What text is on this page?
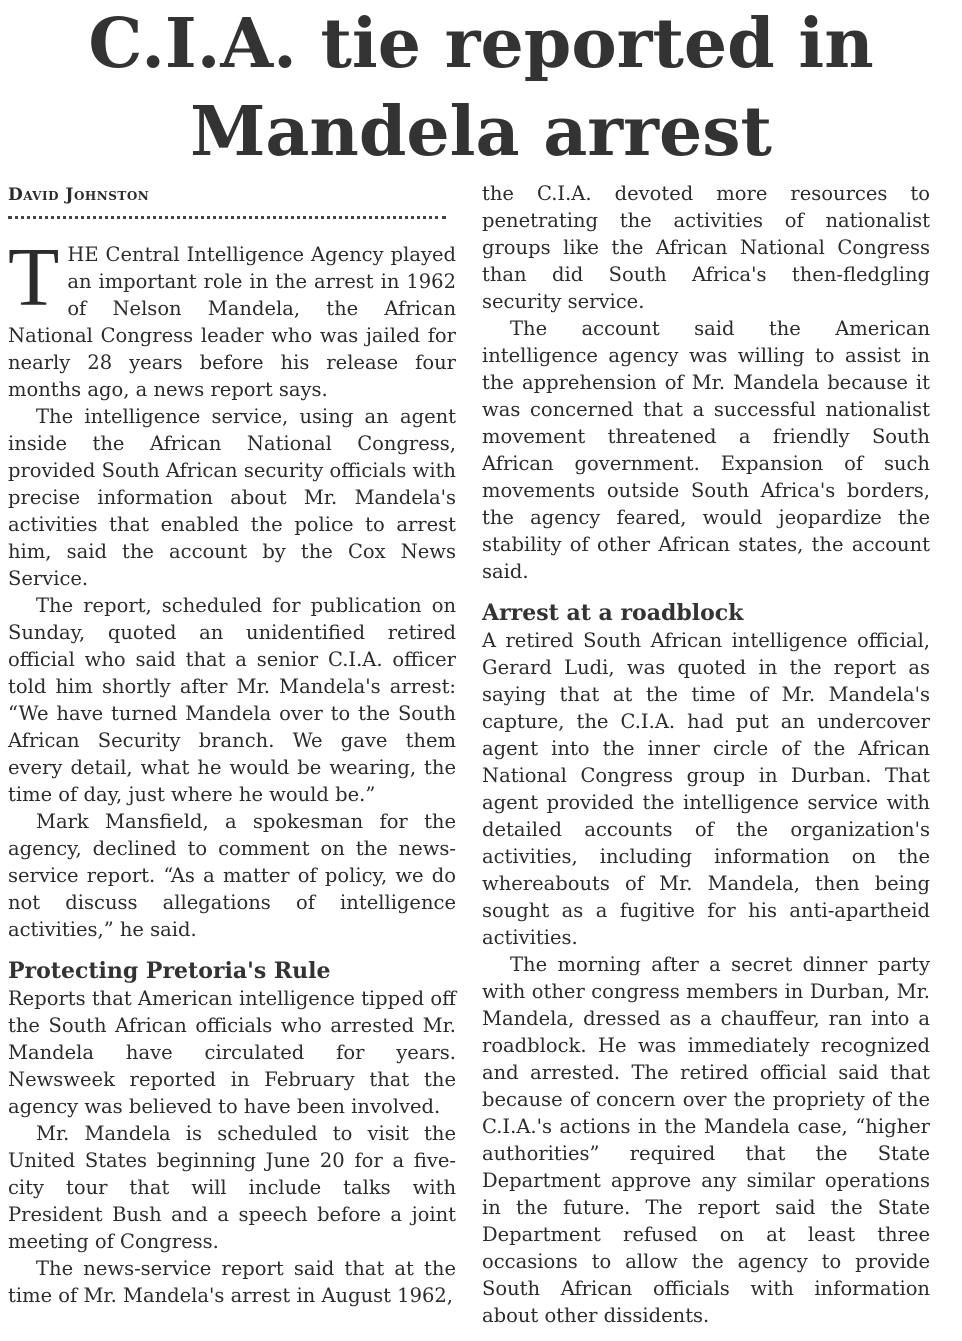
C.I.A. tie reported in
Mandela arrest
David Johnston

THE Central Intelligence Agency played an important role in the arrest in 1962 of Nelson Mandela, the African National Congress leader who was jailed for nearly 28 years before his release four months ago, a news report says.

The intelligence service, using an agent inside the African National Congress, provided South African security officials with precise information about Mr. Mandela's activities that enabled the police to arrest him, said the account by the Cox News Service.

The report, scheduled for publication on Sunday, quoted an unidentified retired official who said that a senior C.I.A. officer told him shortly after Mr. Mandela's arrest: “We have turned Mandela over to the South African Security branch. We gave them every detail, what he would be wearing, the time of day, just where he would be.”

Mark Mansfield, a spokesman for the agency, declined to comment on the news-service report. “As a matter of policy, we do not discuss allegations of intelligence activities,” he said.

Protecting Pretoria's Rule

Reports that American intelligence tipped off the South African officials who arrested Mr. Mandela have circulated for years. Newsweek reported in February that the agency was believed to have been involved.

Mr. Mandela is scheduled to visit the United States beginning June 20 for a five-city tour that will include talks with President Bush and a speech before a joint meeting of Congress.

The news-service report said that at the time of Mr. Mandela's arrest in August 1962,

the C.I.A. devoted more resources to penetrating the activities of nationalist groups like the African National Congress than did South Africa's then-fledgling security service.

The account said the American intelligence agency was willing to assist in the apprehension of Mr. Mandela because it was concerned that a successful nationalist movement threatened a friendly South African government. Expansion of such movements outside South Africa's borders, the agency feared, would jeopardize the stability of other African states, the account said.

Arrest at a roadblock

A retired South African intelligence official, Gerard Ludi, was quoted in the report as saying that at the time of Mr. Mandela's capture, the C.I.A. had put an undercover agent into the inner circle of the African National Congress group in Durban. That agent provided the intelligence service with detailed accounts of the organization's activities, including information on the whereabouts of Mr. Mandela, then being sought as a fugitive for his anti-apartheid activities.

The morning after a secret dinner party with other congress members in Durban, Mr. Mandela, dressed as a chauffeur, ran into a roadblock. He was immediately recognized and arrested. The retired official said that because of concern over the propriety of the C.I.A.'s actions in the Mandela case, “higher authorities” required that the State Department approve any similar operations in the future. The report said the State Department refused on at least three occasions to allow the agency to provide South African officials with information about other dissidents.
